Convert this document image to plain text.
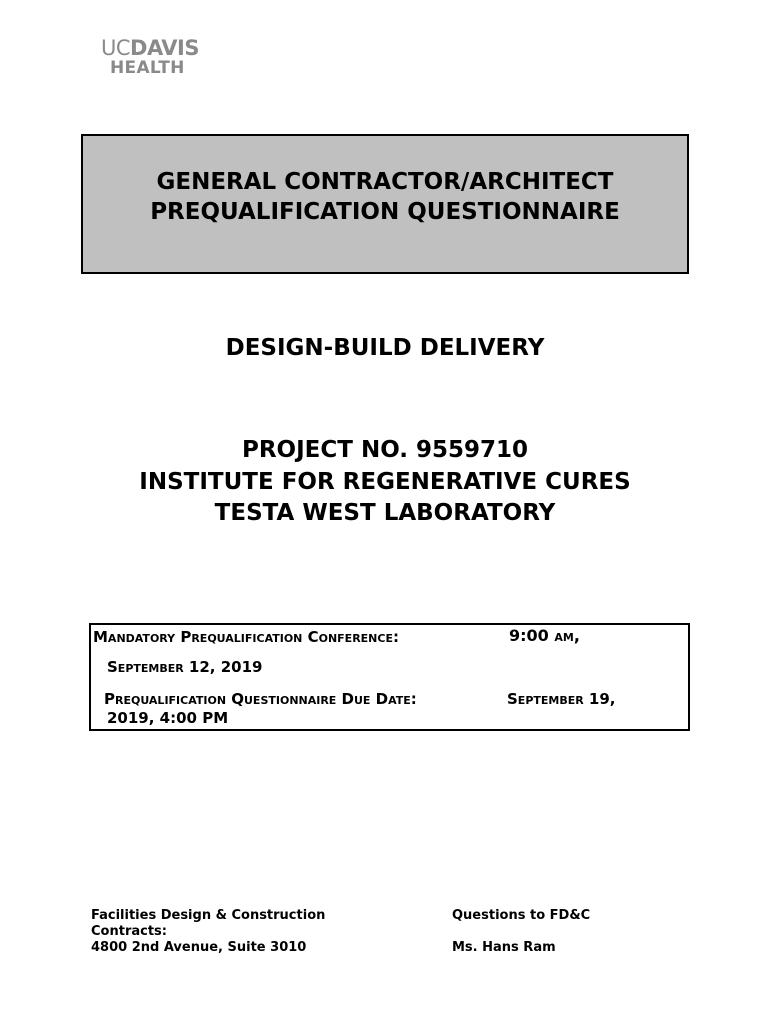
UCDAVIS
HEALTH
GENERAL CONTRACTOR/ARCHITECT
PREQUALIFICATION QUESTIONNAIRE
DESIGN-BUILD DELIVERY
PROJECT NO. 9559710
INSTITUTE FOR REGENERATIVE CURES
TESTA WEST LABORATORY
Mandatory Prequalification Conference:	9:00 am,
September 12, 2019
Prequalification Questionnaire Due Date:	September 19,
2019, 4:00 PM
Facilities Design & Construction
Contracts:
4800 2nd Avenue, Suite 3010
Questions to FD&C
Ms. Hans Ram
